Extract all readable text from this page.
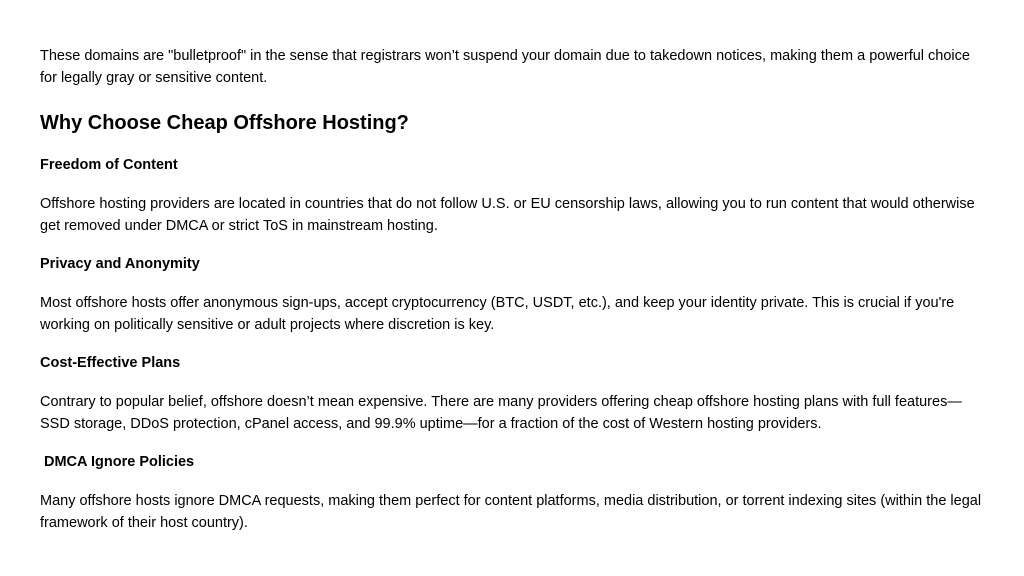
These domains are "bulletproof" in the sense that registrars won’t suspend your domain due to takedown notices, making them a powerful choice for legally gray or sensitive content.

Why Choose Cheap Offshore Hosting?
Freedom of Content

Offshore hosting providers are located in countries that do not follow U.S. or EU censorship laws, allowing you to run content that would otherwise get removed under DMCA or strict ToS in mainstream hosting.

Privacy and Anonymity

Most offshore hosts offer anonymous sign-ups, accept cryptocurrency (BTC, USDT, etc.), and keep your identity private. This is crucial if you're working on politically sensitive or adult projects where discretion is key.

Cost-Effective Plans

Contrary to popular belief, offshore doesn’t mean expensive. There are many providers offering cheap offshore hosting plans with full features—SSD storage, DDoS protection, cPanel access, and 99.9% uptime—for a fraction of the cost of Western hosting providers.

DMCA Ignore Policies

Many offshore hosts ignore DMCA requests, making them perfect for content platforms, media distribution, or torrent indexing sites (within the legal framework of their host country).
